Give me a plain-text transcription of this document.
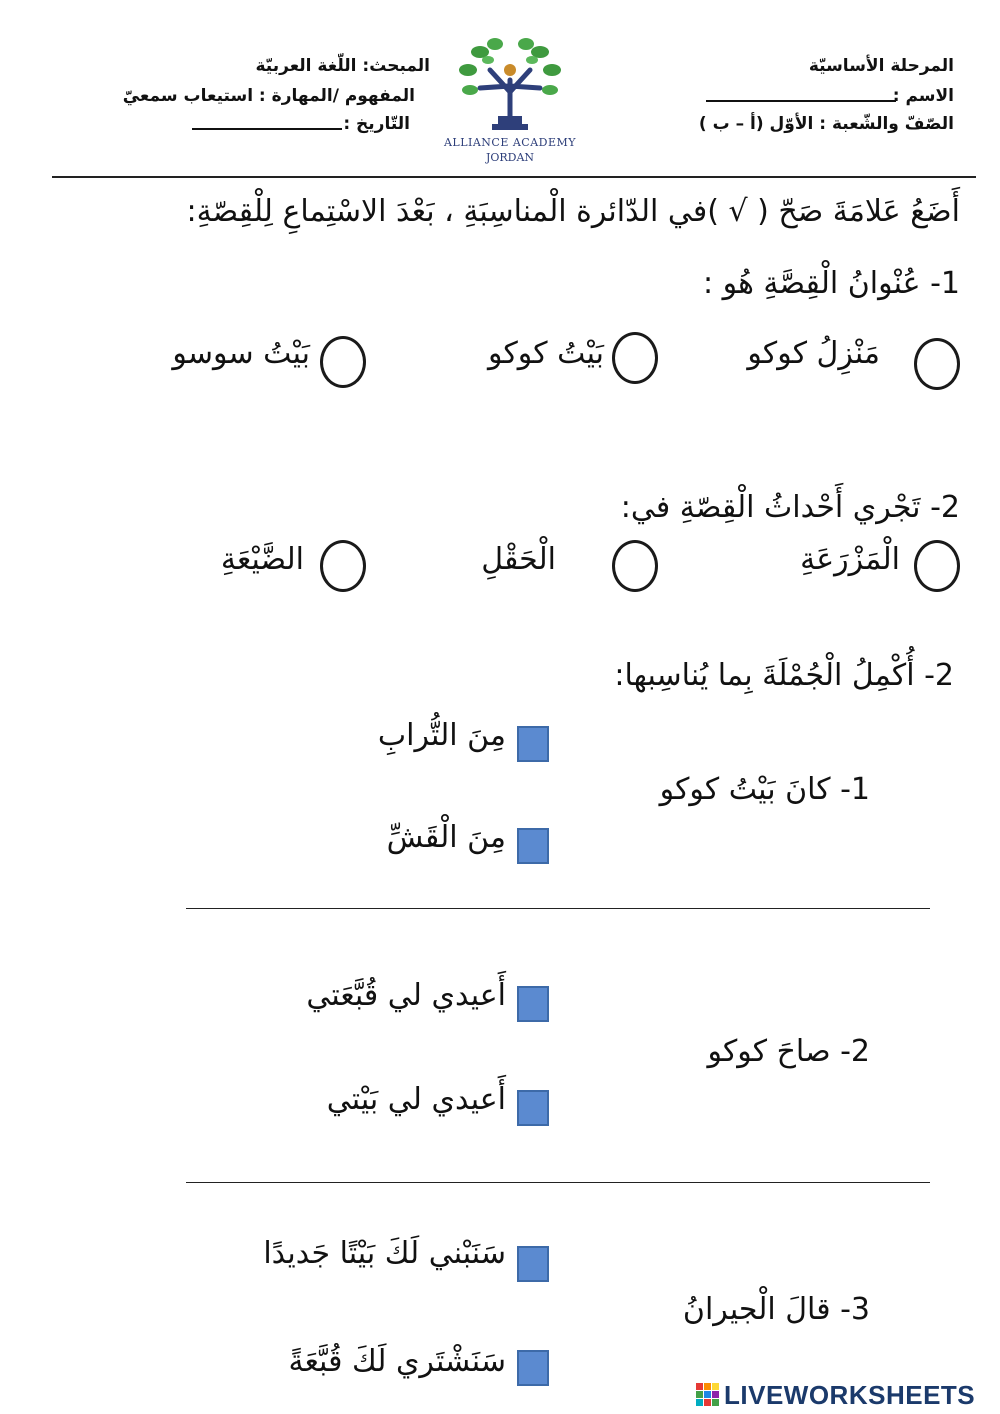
المرحلة الأساسيّة
الاسم :
الصّفّ والشّعبة : الأوّل (أ – ب )
المبحث: اللّغة العربيّة
المفهوم /المهارة : استيعاب سمعيّ
التّاريخ :
ALLIANCE ACADEMY
JORDAN
أَضَعُ عَلامَةَ صَحّ ( √ )في الدّائرة الْمناسِبَةِ ، بَعْدَ الاسْتِماعِ لِلْقِصّةِ:
1- عُنْوانُ الْقِصَّةِ هُو :
مَنْزِلُ كوكو
بَيْتُ كوكو
بَيْتُ سوسو
2- تَجْري أَحْداثُ الْقِصّةِ في:
الْمَزْرَعَةِ
الْحَقْلِ
الضَّيْعَةِ
2- أُكْمِلُ الْجُمْلَةَ بِما يُناسِبها:
مِنَ التُّرابِ
1- كانَ بَيْتُ كوكو
مِنَ الْقَشِّ
أَعيدي لي قُبَّعَتي
2- صاحَ كوكو
أَعيدي لي بَيْتي
سَنَبْني لَكَ بَيْتًا جَديدًا
3- قالَ الْجيرانُ
سَنَشْتَري لَكَ قُبَّعَةً
LIVEWORKSHEETS
